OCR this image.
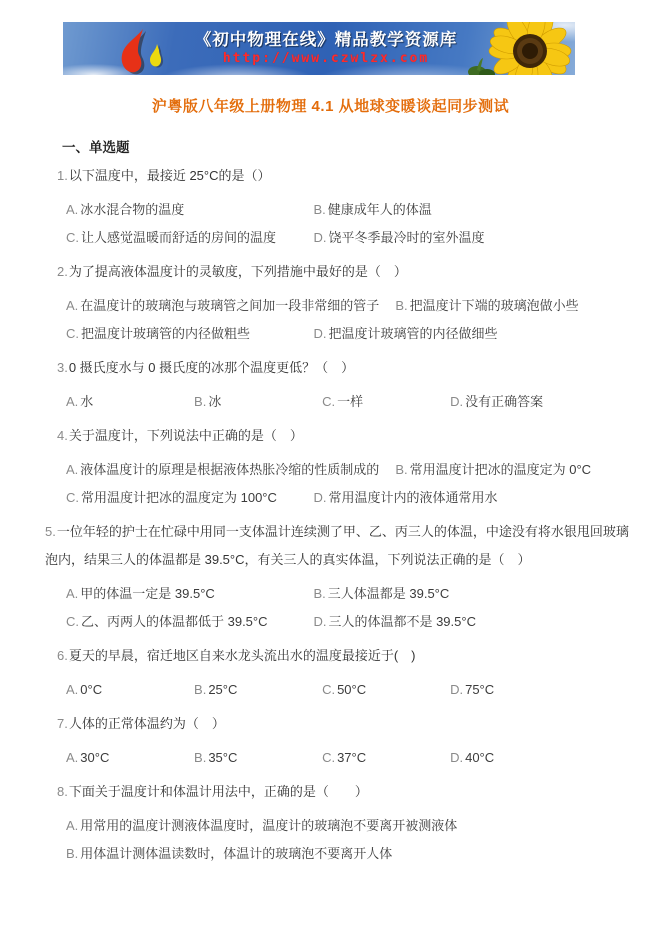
《初中物理在线》精品教学资源库
http://www.czwlzx.com
沪粤版八年级上册物理 4.1 从地球变暖谈起同步测试
一、单选题
1.以下温度中，最接近 25°C的是（）
A. 冰水混合物的温度	B. 健康成年人的体温
C. 让人感觉温暖而舒适的房间的温度	D. 饶平冬季最冷时的室外温度
2.为了提高液体温度计的灵敏度，下列措施中最好的是（　）
A. 在温度计的玻璃泡与玻璃管之间加一段非常细的管子	B. 把温度计下端的玻璃泡做小些
C. 把温度计玻璃管的内径做粗些	D. 把温度计玻璃管的内径做细些
3.0 摄氏度水与 0 摄氏度的冰那个温度更低？（　）
A. 水	B. 冰	C. 一样	D. 没有正确答案
4.关于温度计，下列说法中正确的是（　）
A. 液体温度计的原理是根据液体热胀冷缩的性质制成的	B. 常用温度计把冰的温度定为 0°C
C. 常用温度计把冰的温度定为 100°C	D. 常用温度计内的液体通常用水
5.一位年轻的护士在忙碌中用同一支体温计连续测了甲、乙、丙三人的体温，中途没有将水银甩回玻璃泡内，结果三人的体温都是 39.5°C，有关三人的真实体温，下列说法正确的是（　）
A. 甲的体温一定是 39.5°C	B. 三人体温都是 39.5°C
C. 乙、丙两人的体温都低于 39.5°C	D. 三人的体温都不是 39.5°C
6.夏天的早晨，宿迁地区自来水龙头流出水的温度最接近于(　)
A. 0°C	B. 25°C	C. 50°C	D. 75°C
7.人体的正常体温约为（　）
A. 30°C	B. 35°C	C. 37°C	D. 40°C
8.下面关于温度计和体温计用法中，正确的是（　　）
A. 用常用的温度计测液体温度时，温度计的玻璃泡不要离开被测液体
B. 用体温计测体温读数时，体温计的玻璃泡不要离开人体
